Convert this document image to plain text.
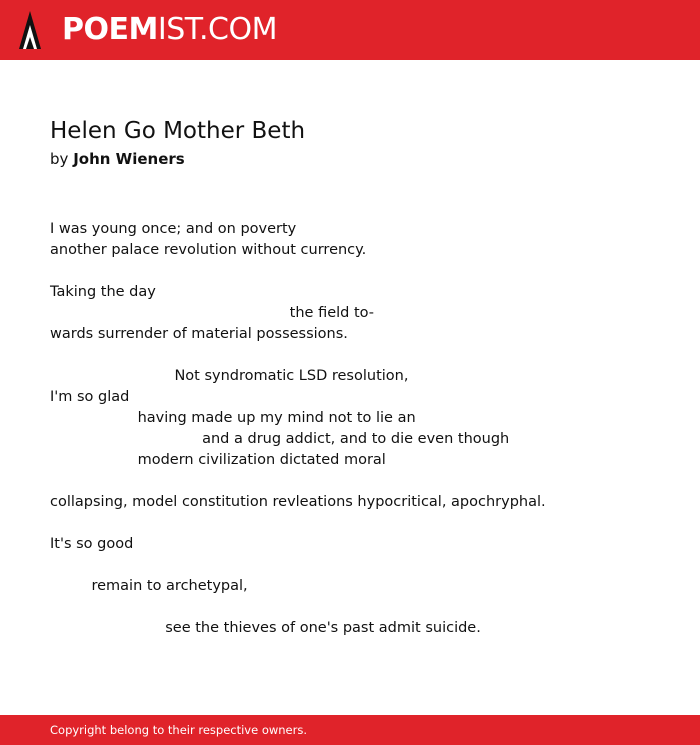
POEMIST.COM
Helen Go Mother Beth
by John Wieners
I was young once; and on poverty
another palace revolution without currency.
Taking the day
the field to-
wards surrender of material possessions.
Not syndromatic LSD resolution,
I'm so glad
having made up my mind not to lie an
and a drug addict, and to die even though
modern civilization dictated moral
collapsing, model constitution revleations hypocritical, apochryphal.
It's so good
remain to archetypal,
see the thieves of one's past admit suicide.
Copyright belong to their respective owners.
